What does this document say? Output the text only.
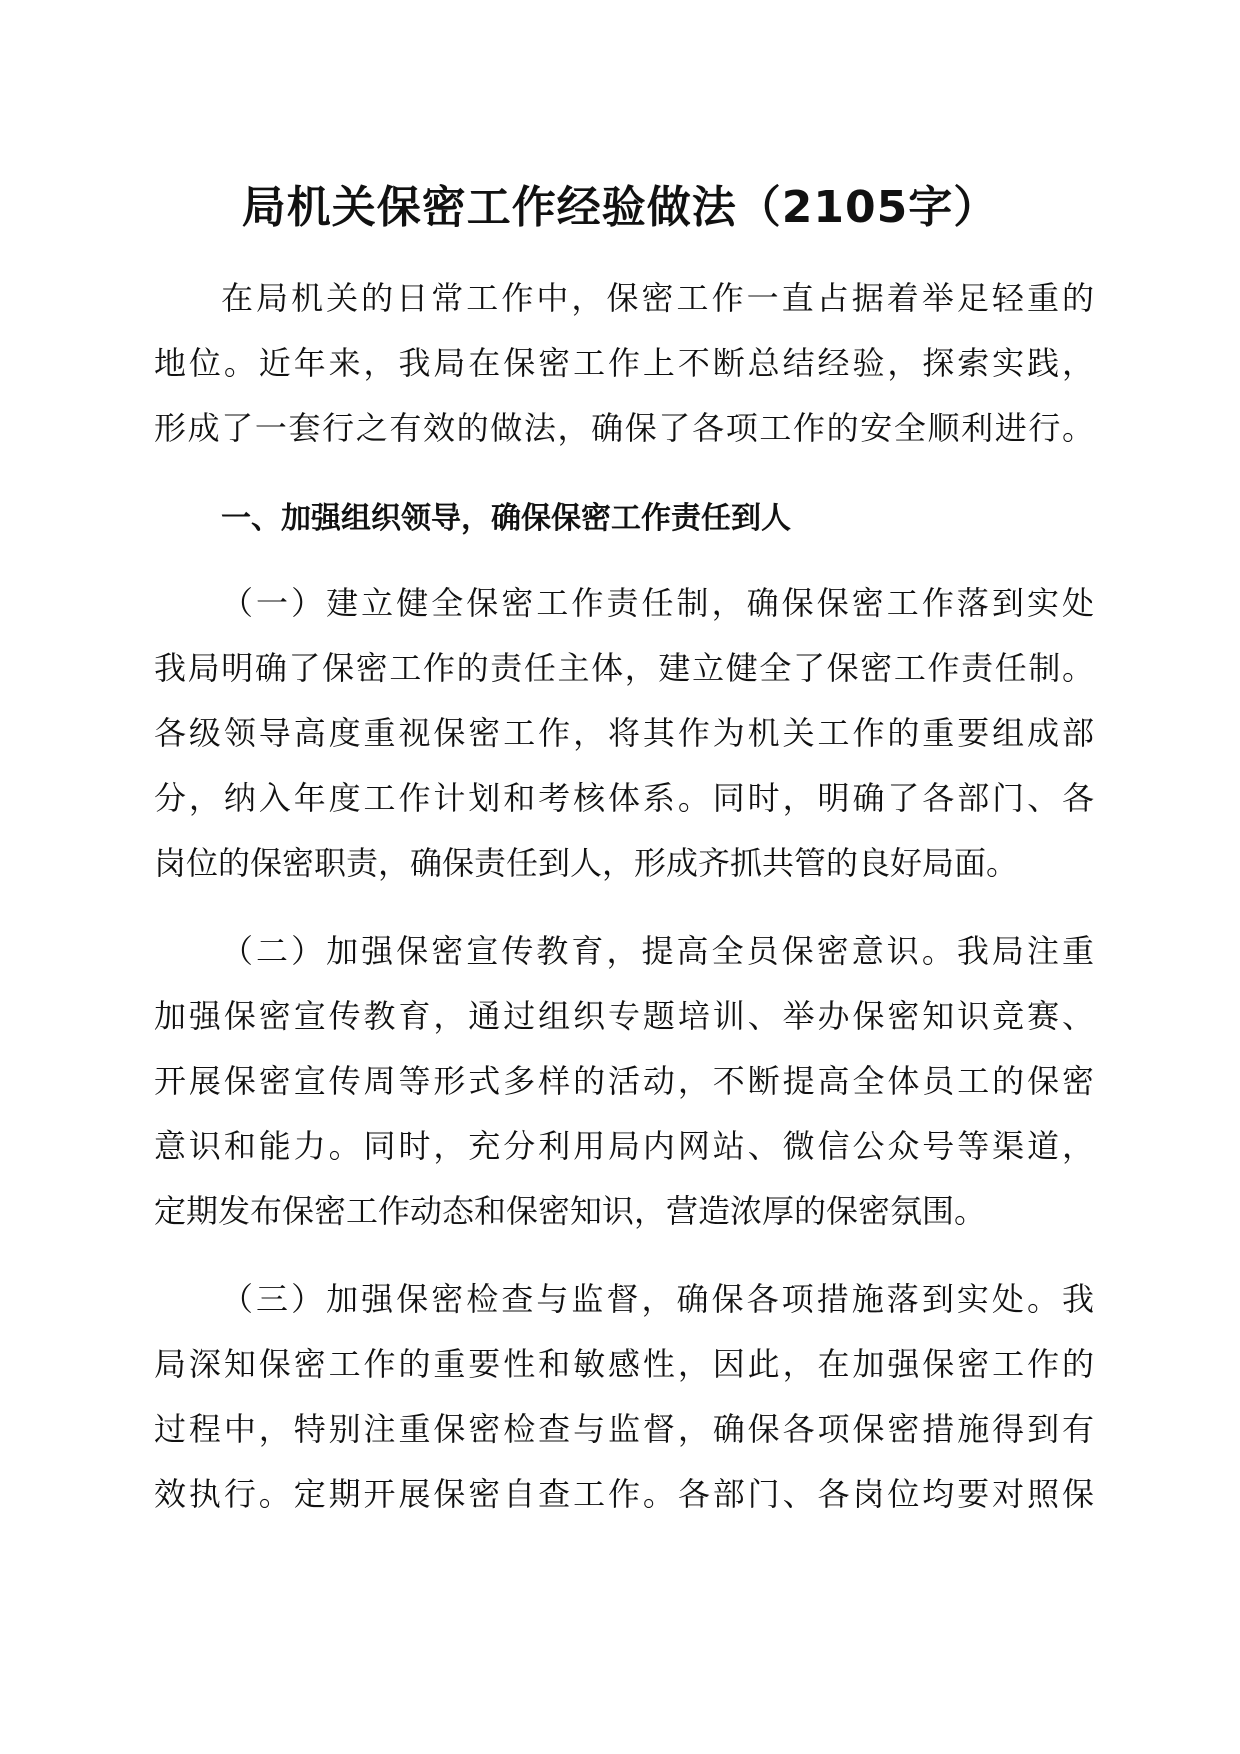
局机关保密工作经验做法（2105字）

在局机关的日常工作中，保密工作一直占据着举足轻重的

地位。近年来，我局在保密工作上不断总结经验，探索实践，

形成了一套行之有效的做法，确保了各项工作的安全顺利进行。

一、加强组织领导，确保保密工作责任到人

（一）建立健全保密工作责任制，确保保密工作落到实处

我局明确了保密工作的责任主体，建立健全了保密工作责任制。

各级领导高度重视保密工作，将其作为机关工作的重要组成部

分，纳入年度工作计划和考核体系。同时，明确了各部门、各

岗位的保密职责，确保责任到人，形成齐抓共管的良好局面。

（二）加强保密宣传教育，提高全员保密意识。我局注重

加强保密宣传教育，通过组织专题培训、举办保密知识竞赛、

开展保密宣传周等形式多样的活动，不断提高全体员工的保密

意识和能力。同时，充分利用局内网站、微信公众号等渠道，

定期发布保密工作动态和保密知识，营造浓厚的保密氛围。

（三）加强保密检查与监督，确保各项措施落到实处。我

局深知保密工作的重要性和敏感性，因此，在加强保密工作的

过程中，特别注重保密检查与监督，确保各项保密措施得到有

效执行。定期开展保密自查工作。各部门、各岗位均要对照保
